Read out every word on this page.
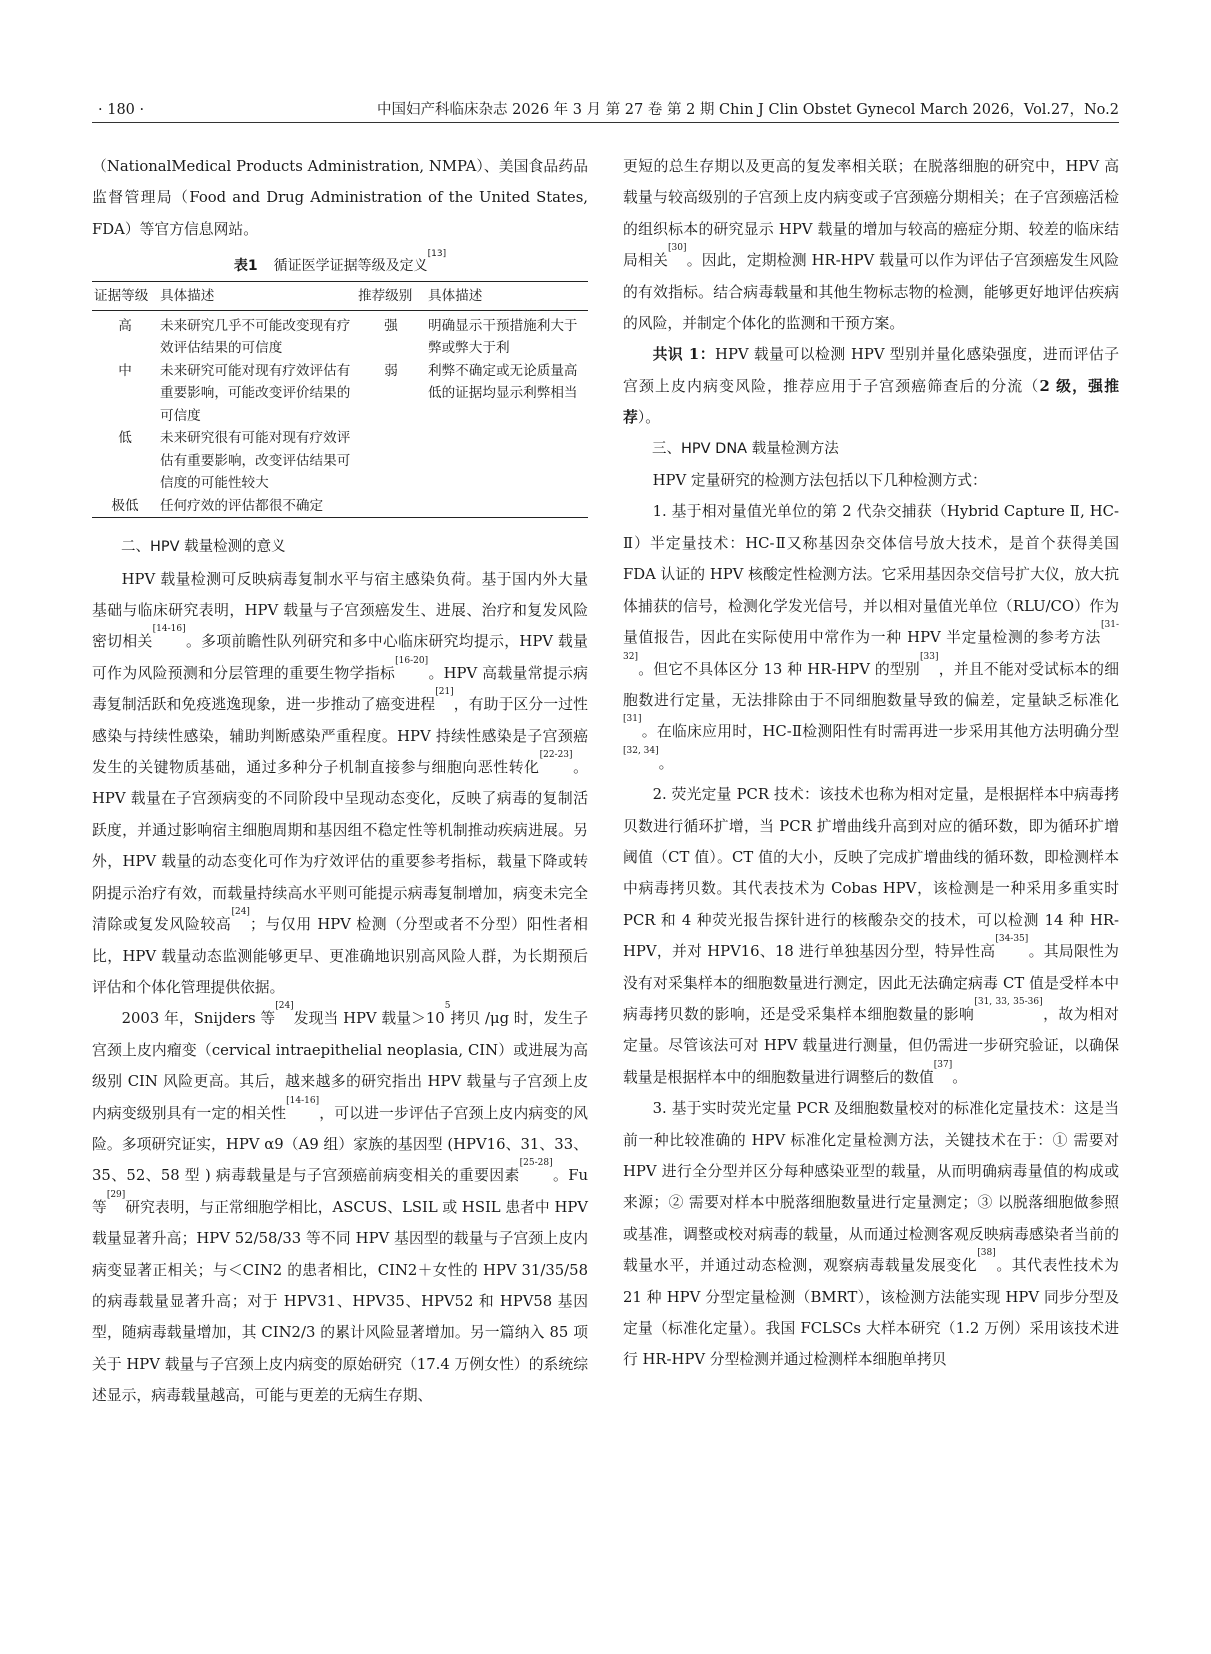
· 180 ·	中国妇产科临床杂志 2026 年 3 月 第 27 卷 第 2 期 Chin J Clin Obstet Gynecol March 2026，Vol.27，No.2

（NationalMedical Products Administration, NMPA）、美国食品药品监督管理局（Food and Drug Administration of the United States, FDA）等官方信息网站。

表1 循证医学证据等级及定义[13]
证据等级	具体描述	推荐级别	具体描述
高	未来研究几乎不可能改变现有疗效评估结果的可信度	强	明确显示干预措施利大于弊或弊大于利
中	未来研究可能对现有疗效评估有重要影响，可能改变评价结果的可信度	弱	利弊不确定或无论质量高低的证据均显示利弊相当
低	未来研究很有可能对现有疗效评估有重要影响，改变评估结果可信度的可能性较大		
极低	任何疗效的评估都很不确定		

二、HPV 载量检测的意义

HPV 载量检测可反映病毒复制水平与宿主感染负荷。基于国内外大量基础与临床研究表明，HPV 载量与子宫颈癌发生、进展、治疗和复发风险密切相关[14-16]。多项前瞻性队列研究和多中心临床研究均提示，HPV 载量可作为风险预测和分层管理的重要生物学指标[16-20]。HPV 高载量常提示病毒复制活跃和免疫逃逸现象，进一步推动了癌变进程[21]，有助于区分一过性感染与持续性感染，辅助判断感染严重程度。HPV 持续性感染是子宫颈癌发生的关键物质基础，通过多种分子机制直接参与细胞向恶性转化[22-23]。HPV 载量在子宫颈病变的不同阶段中呈现动态变化，反映了病毒的复制活跃度，并通过影响宿主细胞周期和基因组不稳定性等机制推动疾病进展。另外，HPV 载量的动态变化可作为疗效评估的重要参考指标，载量下降或转阴提示治疗有效，而载量持续高水平则可能提示病毒复制增加，病变未完全清除或复发风险较高[24]；与仅用 HPV 检测（分型或者不分型）阳性者相比，HPV 载量动态监测能够更早、更准确地识别高风险人群，为长期预后评估和个体化管理提供依据。

2003 年，Snijders 等[24]发现当 HPV 载量$>10^5$拷贝 /μg 时，发生子宫颈上皮内瘤变（cervical intraepithelial neoplasia, CIN）或进展为高级别 CIN 风险更高。其后，越来越多的研究指出 HPV 载量与子宫颈上皮内病变级别具有一定的相关性[14-16]，可以进一步评估子宫颈上皮内病变的风险。多项研究证实，HPV α9（A9 组）家族的基因型 (HPV16、31、33、35、52、58 型 ) 病毒载量是与子宫颈癌前病变相关的重要因素[25-28]。Fu 等[29]研究表明，与正常细胞学相比，ASCUS、LSIL 或 HSIL 患者中 HPV 载量显著升高；HPV 52/58/33 等不同 HPV 基因型的载量与子宫颈上皮内病变显著正相关；与＜CIN2 的患者相比，CIN2＋女性的 HPV 31/35/58 的病毒载量显著升高；对于 HPV31、HPV35、HPV52 和 HPV58 基因型，随病毒载量增加，其 CIN2/3 的累计风险显著增加。另一篇纳入 85 项关于 HPV 载量与子宫颈上皮内病变的原始研究（17.4 万例女性）的系统综述显示，病毒载量越高，可能与更差的无病生存期、

更短的总生存期以及更高的复发率相关联；在脱落细胞的研究中，HPV 高载量与较高级别的子宫颈上皮内病变或子宫颈癌分期相关；在子宫颈癌活检的组织标本的研究显示 HPV 载量的增加与较高的癌症分期、较差的临床结局相关[30]。因此，定期检测 HR-HPV 载量可以作为评估子宫颈癌发生风险的有效指标。结合病毒载量和其他生物标志物的检测，能够更好地评估疾病的风险，并制定个体化的监测和干预方案。

共识 1：HPV 载量可以检测 HPV 型别并量化感染强度，进而评估子宫颈上皮内病变风险，推荐应用于子宫颈癌筛查后的分流（2 级，强推荐）。

三、HPV DNA 载量检测方法

HPV 定量研究的检测方法包括以下几种检测方式：

1. 基于相对量值光单位的第 2 代杂交捕获（Hybrid Capture Ⅱ, HC-Ⅱ）半定量技术：HC-Ⅱ又称基因杂交体信号放大技术，是首个获得美国 FDA 认证的 HPV 核酸定性检测方法。它采用基因杂交信号扩大仪，放大抗体捕获的信号，检测化学发光信号，并以相对量值光单位（RLU/CO）作为量值报告，因此在实际使用中常作为一种 HPV 半定量检测的参考方法[31-32]。但它不具体区分 13 种 HR-HPV 的型别[33]，并且不能对受试标本的细胞数进行定量，无法排除由于不同细胞数量导致的偏差，定量缺乏标准化[31]。在临床应用时，HC-Ⅱ检测阳性有时需再进一步采用其他方法明确分型[32, 34]。

2. 荧光定量 PCR 技术：该技术也称为相对定量，是根据样本中病毒拷贝数进行循环扩增，当 PCR 扩增曲线升高到对应的循环数，即为循环扩增阈值（CT 值）。CT 值的大小，反映了完成扩增曲线的循环数，即检测样本中病毒拷贝数。其代表技术为 Cobas HPV，该检测是一种采用多重实时 PCR 和 4 种荧光报告探针进行的核酸杂交的技术，可以检测 14 种 HR-HPV，并对 HPV16、18 进行单独基因分型，特异性高[34-35]。其局限性为没有对采集样本的细胞数量进行测定，因此无法确定病毒 CT 值是受样本中病毒拷贝数的影响，还是受采集样本细胞数量的影响[31, 33, 35-36]，故为相对定量。尽管该法可对 HPV 载量进行测量，但仍需进一步研究验证，以确保载量是根据样本中的细胞数量进行调整后的数值[37]。

3. 基于实时荧光定量 PCR 及细胞数量校对的标准化定量技术：这是当前一种比较准确的 HPV 标准化定量检测方法，关键技术在于：① 需要对 HPV 进行全分型并区分每种感染亚型的载量，从而明确病毒量值的构成或来源；② 需要对样本中脱落细胞数量进行定量测定；③ 以脱落细胞做参照或基准，调整或校对病毒的载量，从而通过检测客观反映病毒感染者当前的载量水平，并通过动态检测，观察病毒载量发展变化[38]。其代表性技术为 21 种 HPV 分型定量检测（BMRT），该检测方法能实现 HPV 同步分型及定量（标准化定量）。我国 FCLSCs 大样本研究（1.2 万例）采用该技术进行 HR-HPV 分型检测并通过检测样本细胞单拷贝
